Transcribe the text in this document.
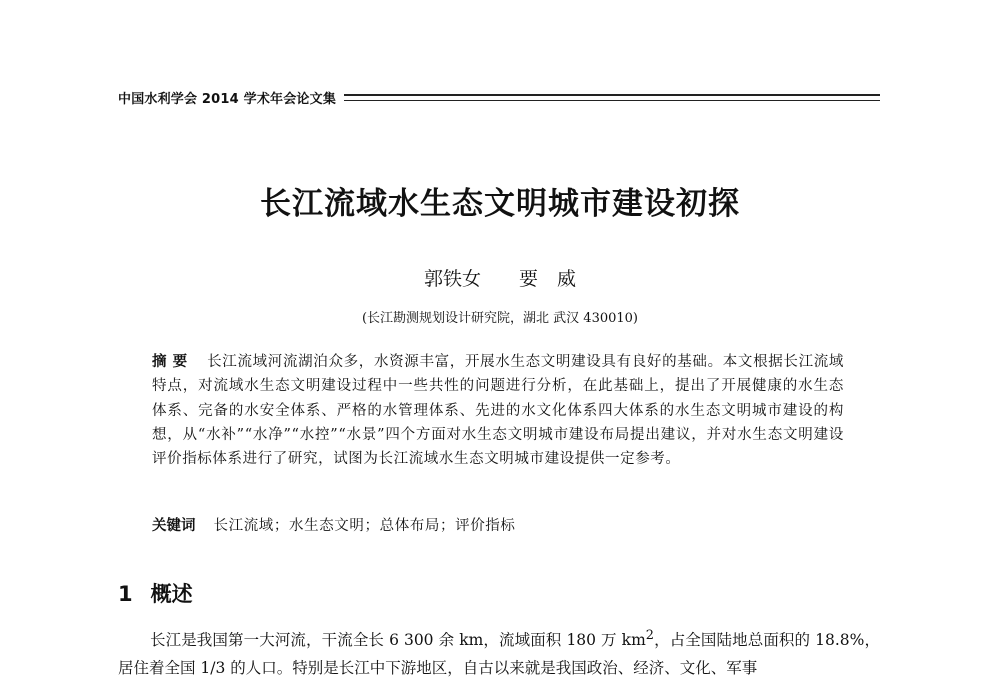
中国水利学会 2014 学术年会论文集
长江流域水生态文明城市建设初探
郭铁女　　要　威
(长江勘测规划设计研究院，湖北 武汉 430010)
摘要 长江流域河流湖泊众多，水资源丰富，开展水生态文明建设具有良好的基础。本文根据长江流域特点，对流域水生态文明建设过程中一些共性的问题进行分析，在此基础上，提出了开展健康的水生态体系、完备的水安全体系、严格的水管理体系、先进的水文化体系四大体系的水生态文明城市建设的构想，从“水补”“水净”“水控”“水景”四个方面对水生态文明城市建设布局提出建议，并对水生态文明建设评价指标体系进行了研究，试图为长江流域水生态文明城市建设提供一定参考。
关键词 长江流域；水生态文明；总体布局；评价指标
1 概述
长江是我国第一大河流，干流全长 6 300 余 km，流域面积 180 万 $km^2$，占全国陆地总面积的 18.8%，居住着全国 1/3 的人口。特别是长江中下游地区，自古以来就是我国政治、经济、文化、军事
